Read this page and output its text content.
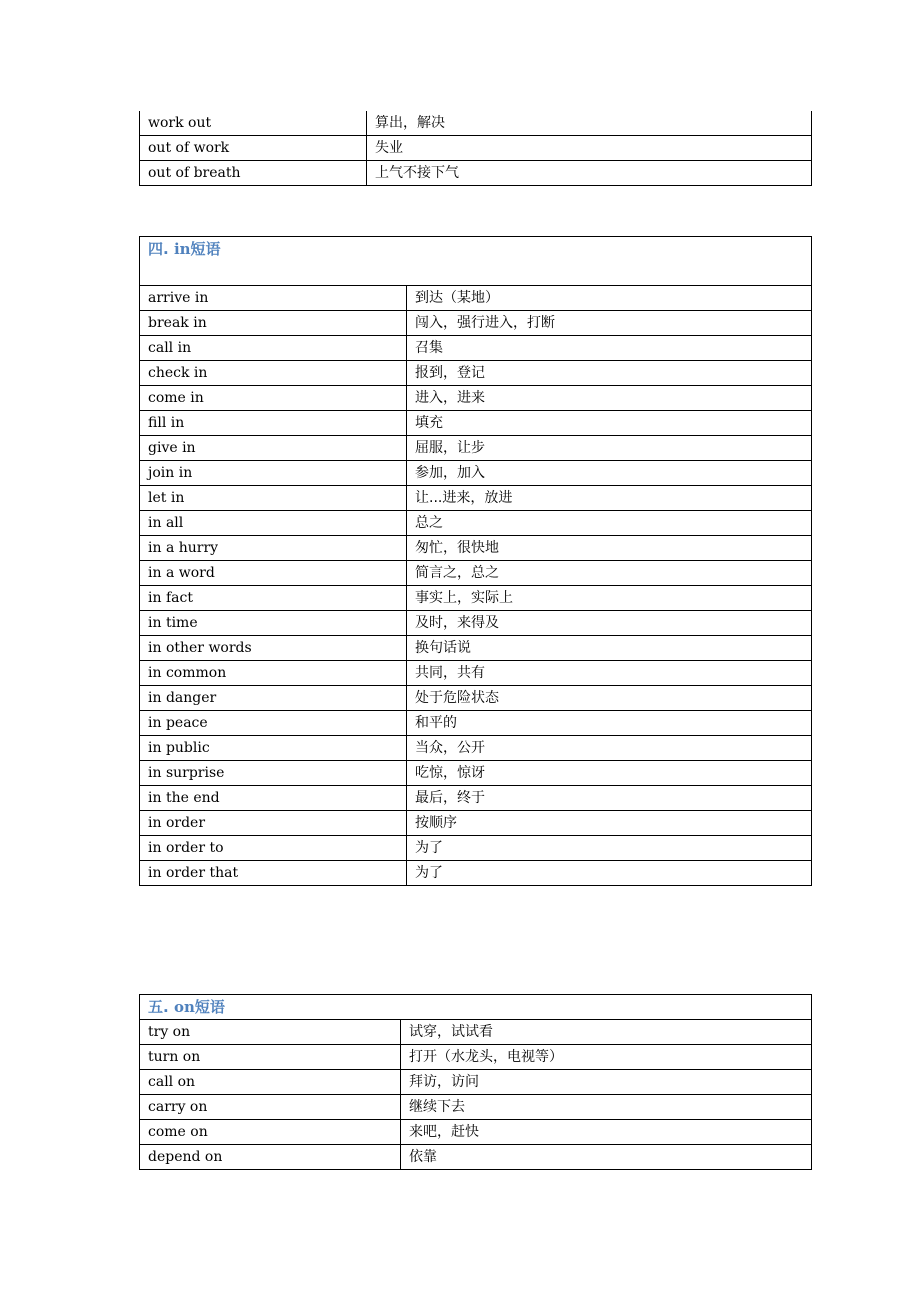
work out	算出，解决
out of work	失业
out of breath	上气不接下气
四. in短语	
arrive in	到达（某地）
break in	闯入，强行进入，打断
call in	召集
check in	报到，登记
come in	进入，进来
fill in	填充
give in	屈服，让步
join in	参加，加入
let in	让...进来，放进
in all	总之
in a hurry	匆忙，很快地
in a word	简言之，总之
in fact	事实上，实际上
in time	及时，来得及
in other words	换句话说
in common	共同，共有
in danger	处于危险状态
in peace	和平的
in public	当众，公开
in surprise	吃惊，惊讶
in the end	最后，终于
in order	按顺序
in order to	为了
in order that	为了
五. on短语	
try on	试穿，试试看
turn on	打开（水龙头，电视等）
call on	拜访，访问
carry on	继续下去
come on	来吧，赶快
depend on	依靠
